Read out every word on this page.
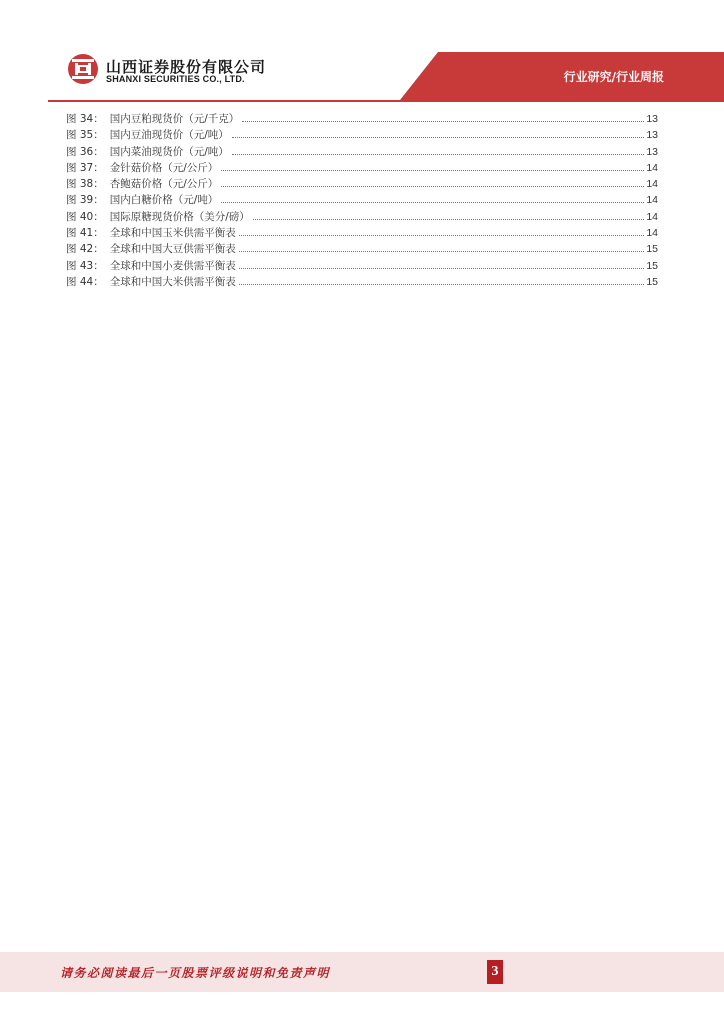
山西证券股份有限公司
SHANXI SECURITIES CO., LTD.	行业研究/行业周报
图 34： 国内豆粕现货价（元/千克）	13
图 35： 国内豆油现货价（元/吨）	13
图 36： 国内菜油现货价（元/吨）	13
图 37： 金针菇价格（元/公斤）	14
图 38： 杏鲍菇价格（元/公斤）	14
图 39： 国内白糖价格（元/吨）	14
图 40： 国际原糖现货价格（美分/磅）	14
图 41： 全球和中国玉米供需平衡表	14
图 42： 全球和中国大豆供需平衡表	15
图 43： 全球和中国小麦供需平衡表	15
图 44： 全球和中国大米供需平衡表	15
请务必阅读最后一页股票评级说明和免责声明	3
